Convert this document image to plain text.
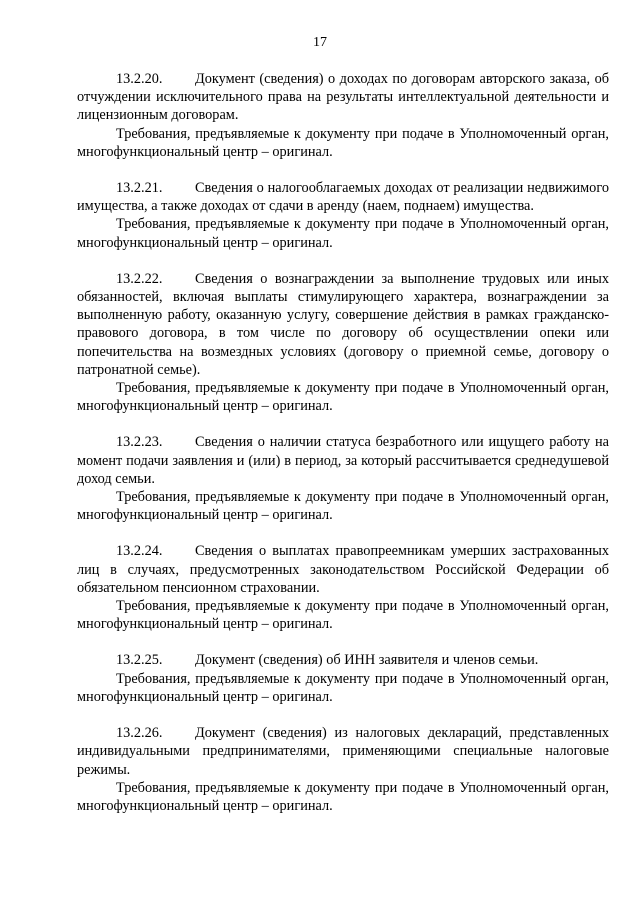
17

13.2.20. Документ (сведения) о доходах по договорам авторского заказа, об отчуждении исключительного права на результаты интеллектуальной деятельности и лицензионным договорам.

Требования, предъявляемые к документу при подаче в Уполномоченный орган, многофункциональный центр – оригинал.

13.2.21. Сведения о налогооблагаемых доходах от реализации недвижимого имущества, а также доходах от сдачи в аренду (наем, поднаем) имущества.

Требования, предъявляемые к документу при подаче в Уполномоченный орган, многофункциональный центр – оригинал.

13.2.22. Сведения о вознаграждении за выполнение трудовых или иных обязанностей, включая выплаты стимулирующего характера, вознаграждении за выполненную работу, оказанную услугу, совершение действия в рамках гражданско-правового договора, в том числе по договору об осуществлении опеки или попечительства на возмездных условиях (договору о приемной семье, договору о патронатной семье).

Требования, предъявляемые к документу при подаче в Уполномоченный орган, многофункциональный центр – оригинал.

13.2.23. Сведения о наличии статуса безработного или ищущего работу на момент подачи заявления и (или) в период, за который рассчитывается среднедушевой доход семьи.

Требования, предъявляемые к документу при подаче в Уполномоченный орган, многофункциональный центр – оригинал.

13.2.24. Сведения о выплатах правопреемникам умерших застрахованных лиц в случаях, предусмотренных законодательством Российской Федерации об обязательном пенсионном страховании.

Требования, предъявляемые к документу при подаче в Уполномоченный орган, многофункциональный центр – оригинал.

13.2.25. Документ (сведения) об ИНН заявителя и членов семьи.

Требования, предъявляемые к документу при подаче в Уполномоченный орган, многофункциональный центр – оригинал.

13.2.26. Документ (сведения) из налоговых деклараций, представленных индивидуальными предпринимателями, применяющими специальные налоговые режимы.

Требования, предъявляемые к документу при подаче в Уполномоченный орган, многофункциональный центр – оригинал.
